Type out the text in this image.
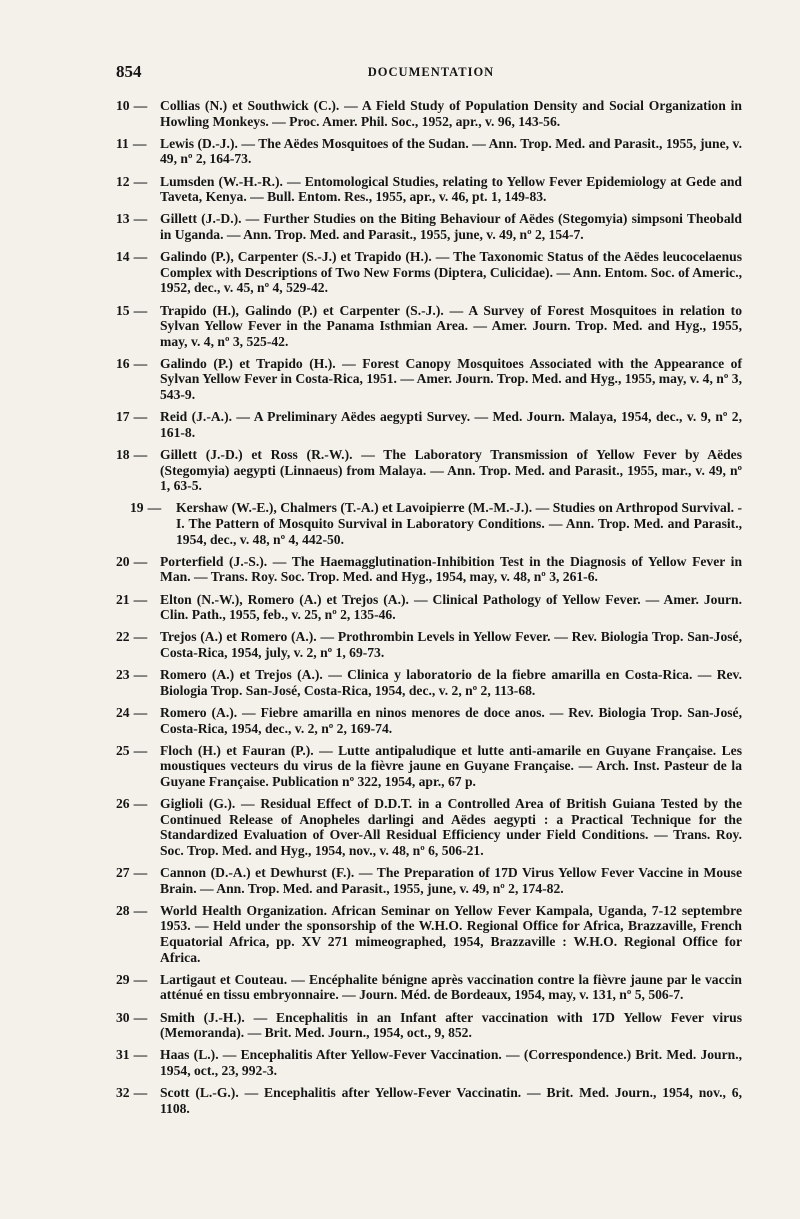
854	DOCUMENTATION
10 — Collias (N.) et Southwick (C.). — A Field Study of Population Density and Social Organization in Howling Monkeys. — Proc. Amer. Phil. Soc., 1952, apr., v. 96, 143-56.
11 — Lewis (D.-J.). — The Aëdes Mosquitoes of the Sudan. — Ann. Trop. Med. and Parasit., 1955, june, v. 49, nº 2, 164-73.
12 — Lumsden (W.-H.-R.). — Entomological Studies, relating to Yellow Fever Epidemiology at Gede and Taveta, Kenya. — Bull. Entom. Res., 1955, apr., v. 46, pt. 1, 149-83.
13 — Gillett (J.-D.). — Further Studies on the Biting Behaviour of Aëdes (Stegomyia) simpsoni Theobald in Uganda. — Ann. Trop. Med. and Parasit., 1955, june, v. 49, nº 2, 154-7.
14 — Galindo (P.), Carpenter (S.-J.) et Trapido (H.). — The Taxonomic Status of the Aëdes leucocelaenus Complex with Descriptions of Two New Forms (Diptera, Culicidae). — Ann. Entom. Soc. of Americ., 1952, dec., v. 45, nº 4, 529-42.
15 — Trapido (H.), Galindo (P.) et Carpenter (S.-J.). — A Survey of Forest Mosquitoes in relation to Sylvan Yellow Fever in the Panama Isthmian Area. — Amer. Journ. Trop. Med. and Hyg., 1955, may, v. 4, nº 3, 525-42.
16 — Galindo (P.) et Trapido (H.). — Forest Canopy Mosquitoes Associated with the Appearance of Sylvan Yellow Fever in Costa-Rica, 1951. — Amer. Journ. Trop. Med. and Hyg., 1955, may, v. 4, nº 3, 543-9.
17 — Reid (J.-A.). — A Preliminary Aëdes aegypti Survey. — Med. Journ. Malaya, 1954, dec., v. 9, nº 2, 161-8.
18 — Gillett (J.-D.) et Ross (R.-W.). — The Laboratory Transmission of Yellow Fever by Aëdes (Stegomyia) aegypti (Linnaeus) from Malaya. — Ann. Trop. Med. and Parasit., 1955, mar., v. 49, nº 1, 63-5.
19 — Kershaw (W.-E.), Chalmers (T.-A.) et Lavoipierre (M.-M.-J.). — Studies on Arthropod Survival. - I. The Pattern of Mosquito Survival in Laboratory Conditions. — Ann. Trop. Med. and Parasit., 1954, dec., v. 48, nº 4, 442-50.
20 — Porterfield (J.-S.). — The Haemagglutination-Inhibition Test in the Diagnosis of Yellow Fever in Man. — Trans. Roy. Soc. Trop. Med. and Hyg., 1954, may, v. 48, nº 3, 261-6.
21 — Elton (N.-W.), Romero (A.) et Trejos (A.). — Clinical Pathology of Yellow Fever. — Amer. Journ. Clin. Path., 1955, feb., v. 25, nº 2, 135-46.
22 — Trejos (A.) et Romero (A.). — Prothrombin Levels in Yellow Fever. — Rev. Biologia Trop. San-José, Costa-Rica, 1954, july, v. 2, nº 1, 69-73.
23 — Romero (A.) et Trejos (A.). — Clinica y laboratorio de la fiebre amarilla en Costa-Rica. — Rev. Biologia Trop. San-José, Costa-Rica, 1954, dec., v. 2, nº 2, 113-68.
24 — Romero (A.). — Fiebre amarilla en ninos menores de doce anos. — Rev. Biologia Trop. San-José, Costa-Rica, 1954, dec., v. 2, nº 2, 169-74.
25 — Floch (H.) et Fauran (P.). — Lutte antipaludique et lutte anti-amarile en Guyane Française. Les moustiques vecteurs du virus de la fièvre jaune en Guyane Française. — Arch. Inst. Pasteur de la Guyane Française. Publication nº 322, 1954, apr., 67 p.
26 — Giglioli (G.). — Residual Effect of D.D.T. in a Controlled Area of British Guiana Tested by the Continued Release of Anopheles darlingi and Aëdes aegypti : a Practical Technique for the Standardized Evaluation of Over-All Residual Efficiency under Field Conditions. — Trans. Roy. Soc. Trop. Med. and Hyg., 1954, nov., v. 48, nº 6, 506-21.
27 — Cannon (D.-A.) et Dewhurst (F.). — The Preparation of 17D Virus Yellow Fever Vaccine in Mouse Brain. — Ann. Trop. Med. and Parasit., 1955, june, v. 49, nº 2, 174-82.
28 — World Health Organization. African Seminar on Yellow Fever Kampala, Uganda, 7-12 septembre 1953. — Held under the sponsorship of the W.H.O. Regional Office for Africa, Brazzaville, French Equatorial Africa, pp. XV 271 mimeographed, 1954, Brazzaville : W.H.O. Regional Office for Africa.
29 — Lartigaut et Couteau. — Encéphalite bénigne après vaccination contre la fièvre jaune par le vaccin atténué en tissu embryonnaire. — Journ. Méd. de Bordeaux, 1954, may, v. 131, nº 5, 506-7.
30 — Smith (J.-H.). — Encephalitis in an Infant after vaccination with 17D Yellow Fever virus (Memoranda). — Brit. Med. Journ., 1954, oct., 9, 852.
31 — Haas (L.). — Encephalitis After Yellow-Fever Vaccination. — (Correspondence.) Brit. Med. Journ., 1954, oct., 23, 992-3.
32 — Scott (L.-G.). — Encephalitis after Yellow-Fever Vaccinatin. — Brit. Med. Journ., 1954, nov., 6, 1108.
